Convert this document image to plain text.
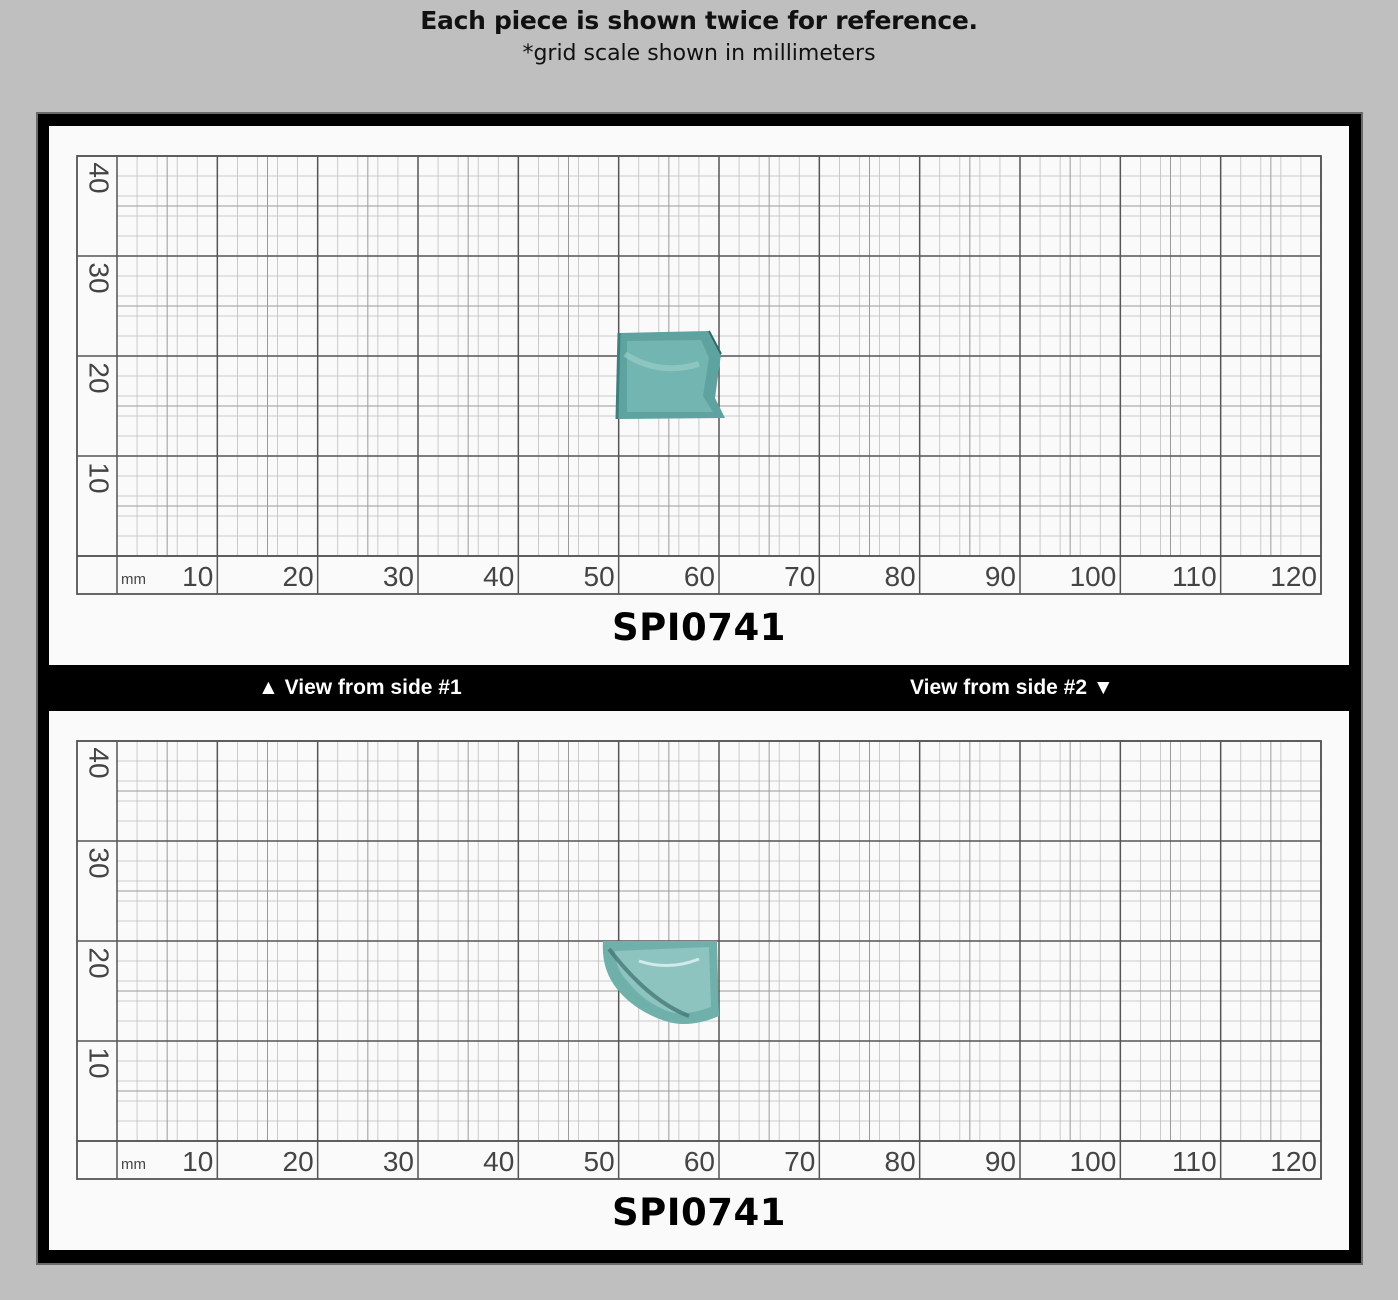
Each piece is shown twice for reference.
*grid scale shown in millimeters
mm 10 20 30 40 50 60 70 80 90 100 110 120
40
30
20
10
SPI0741
▲ View from side #1	View from side #2 ▼
mm 10 20 30 40 50 60 70 80 90 100 110 120
40
30
20
10
SPI0741
